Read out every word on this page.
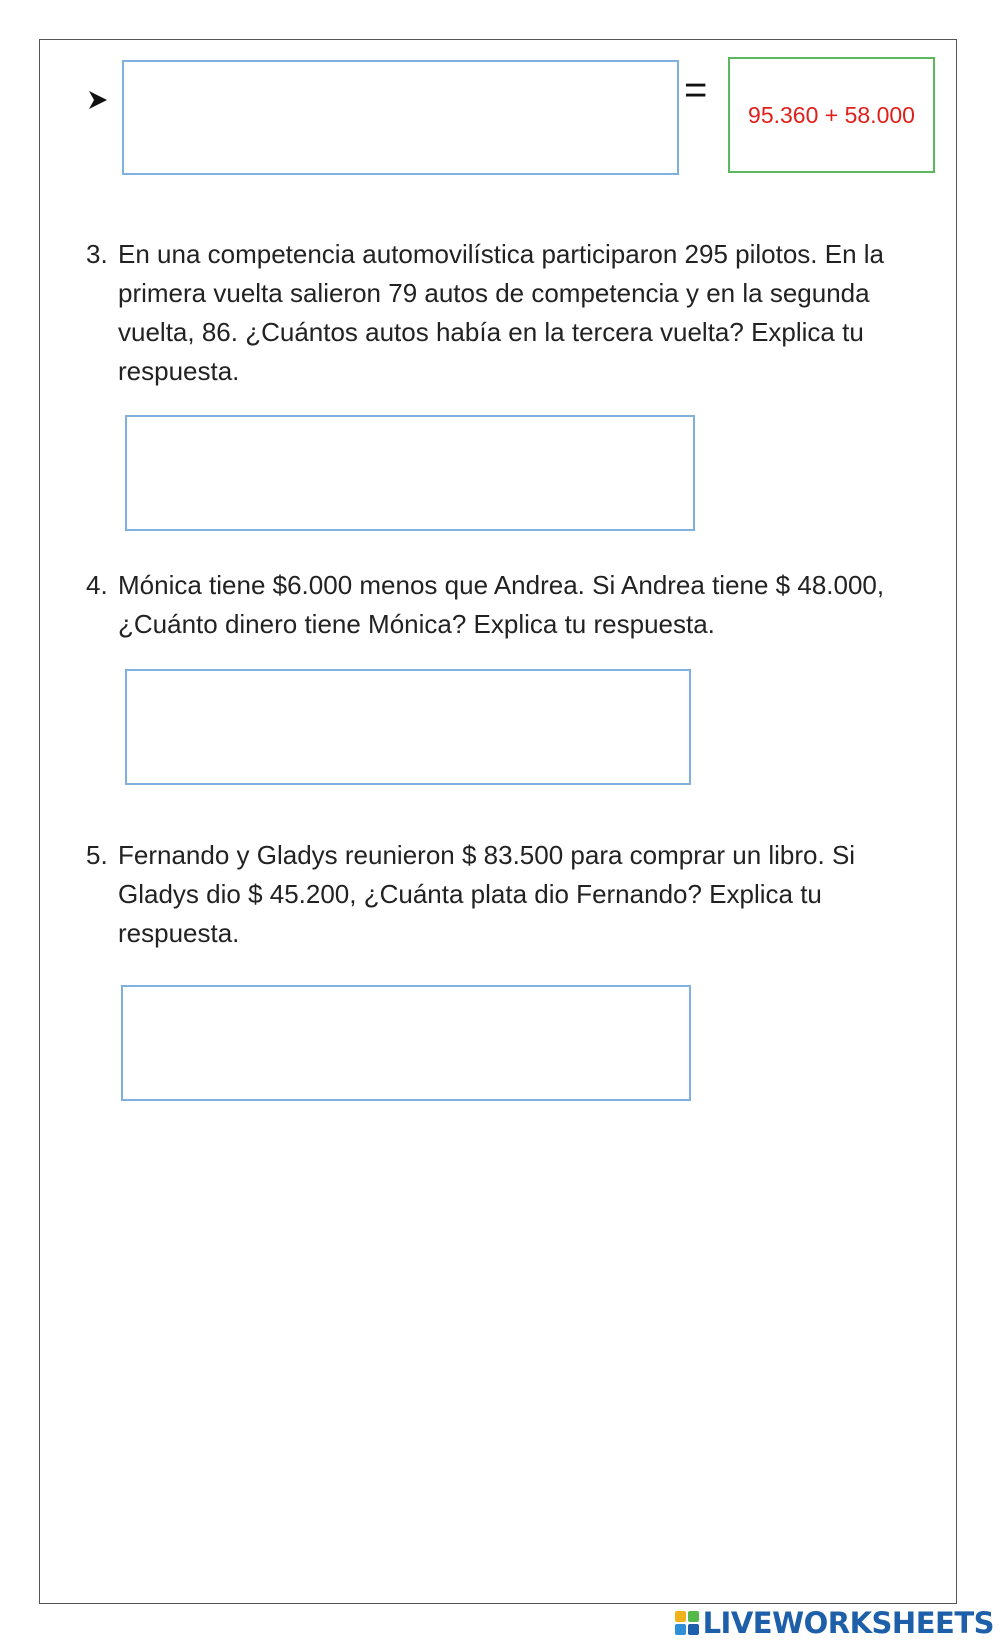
=
95.360 + 58.000
3. En una competencia automovilística participaron 295 pilotos. En la primera vuelta salieron 79 autos de competencia y en la segunda vuelta, 86. ¿Cuántos autos había en la tercera vuelta? Explica tu respuesta.
4. Mónica tiene $6.000 menos que Andrea. Si Andrea tiene $ 48.000, ¿Cuánto dinero tiene Mónica? Explica tu respuesta.
5. Fernando y Gladys reunieron $ 83.500 para comprar un libro. Si Gladys dio $ 45.200, ¿Cuánta plata dio Fernando? Explica tu respuesta.
LIVEWORKSHEETS
